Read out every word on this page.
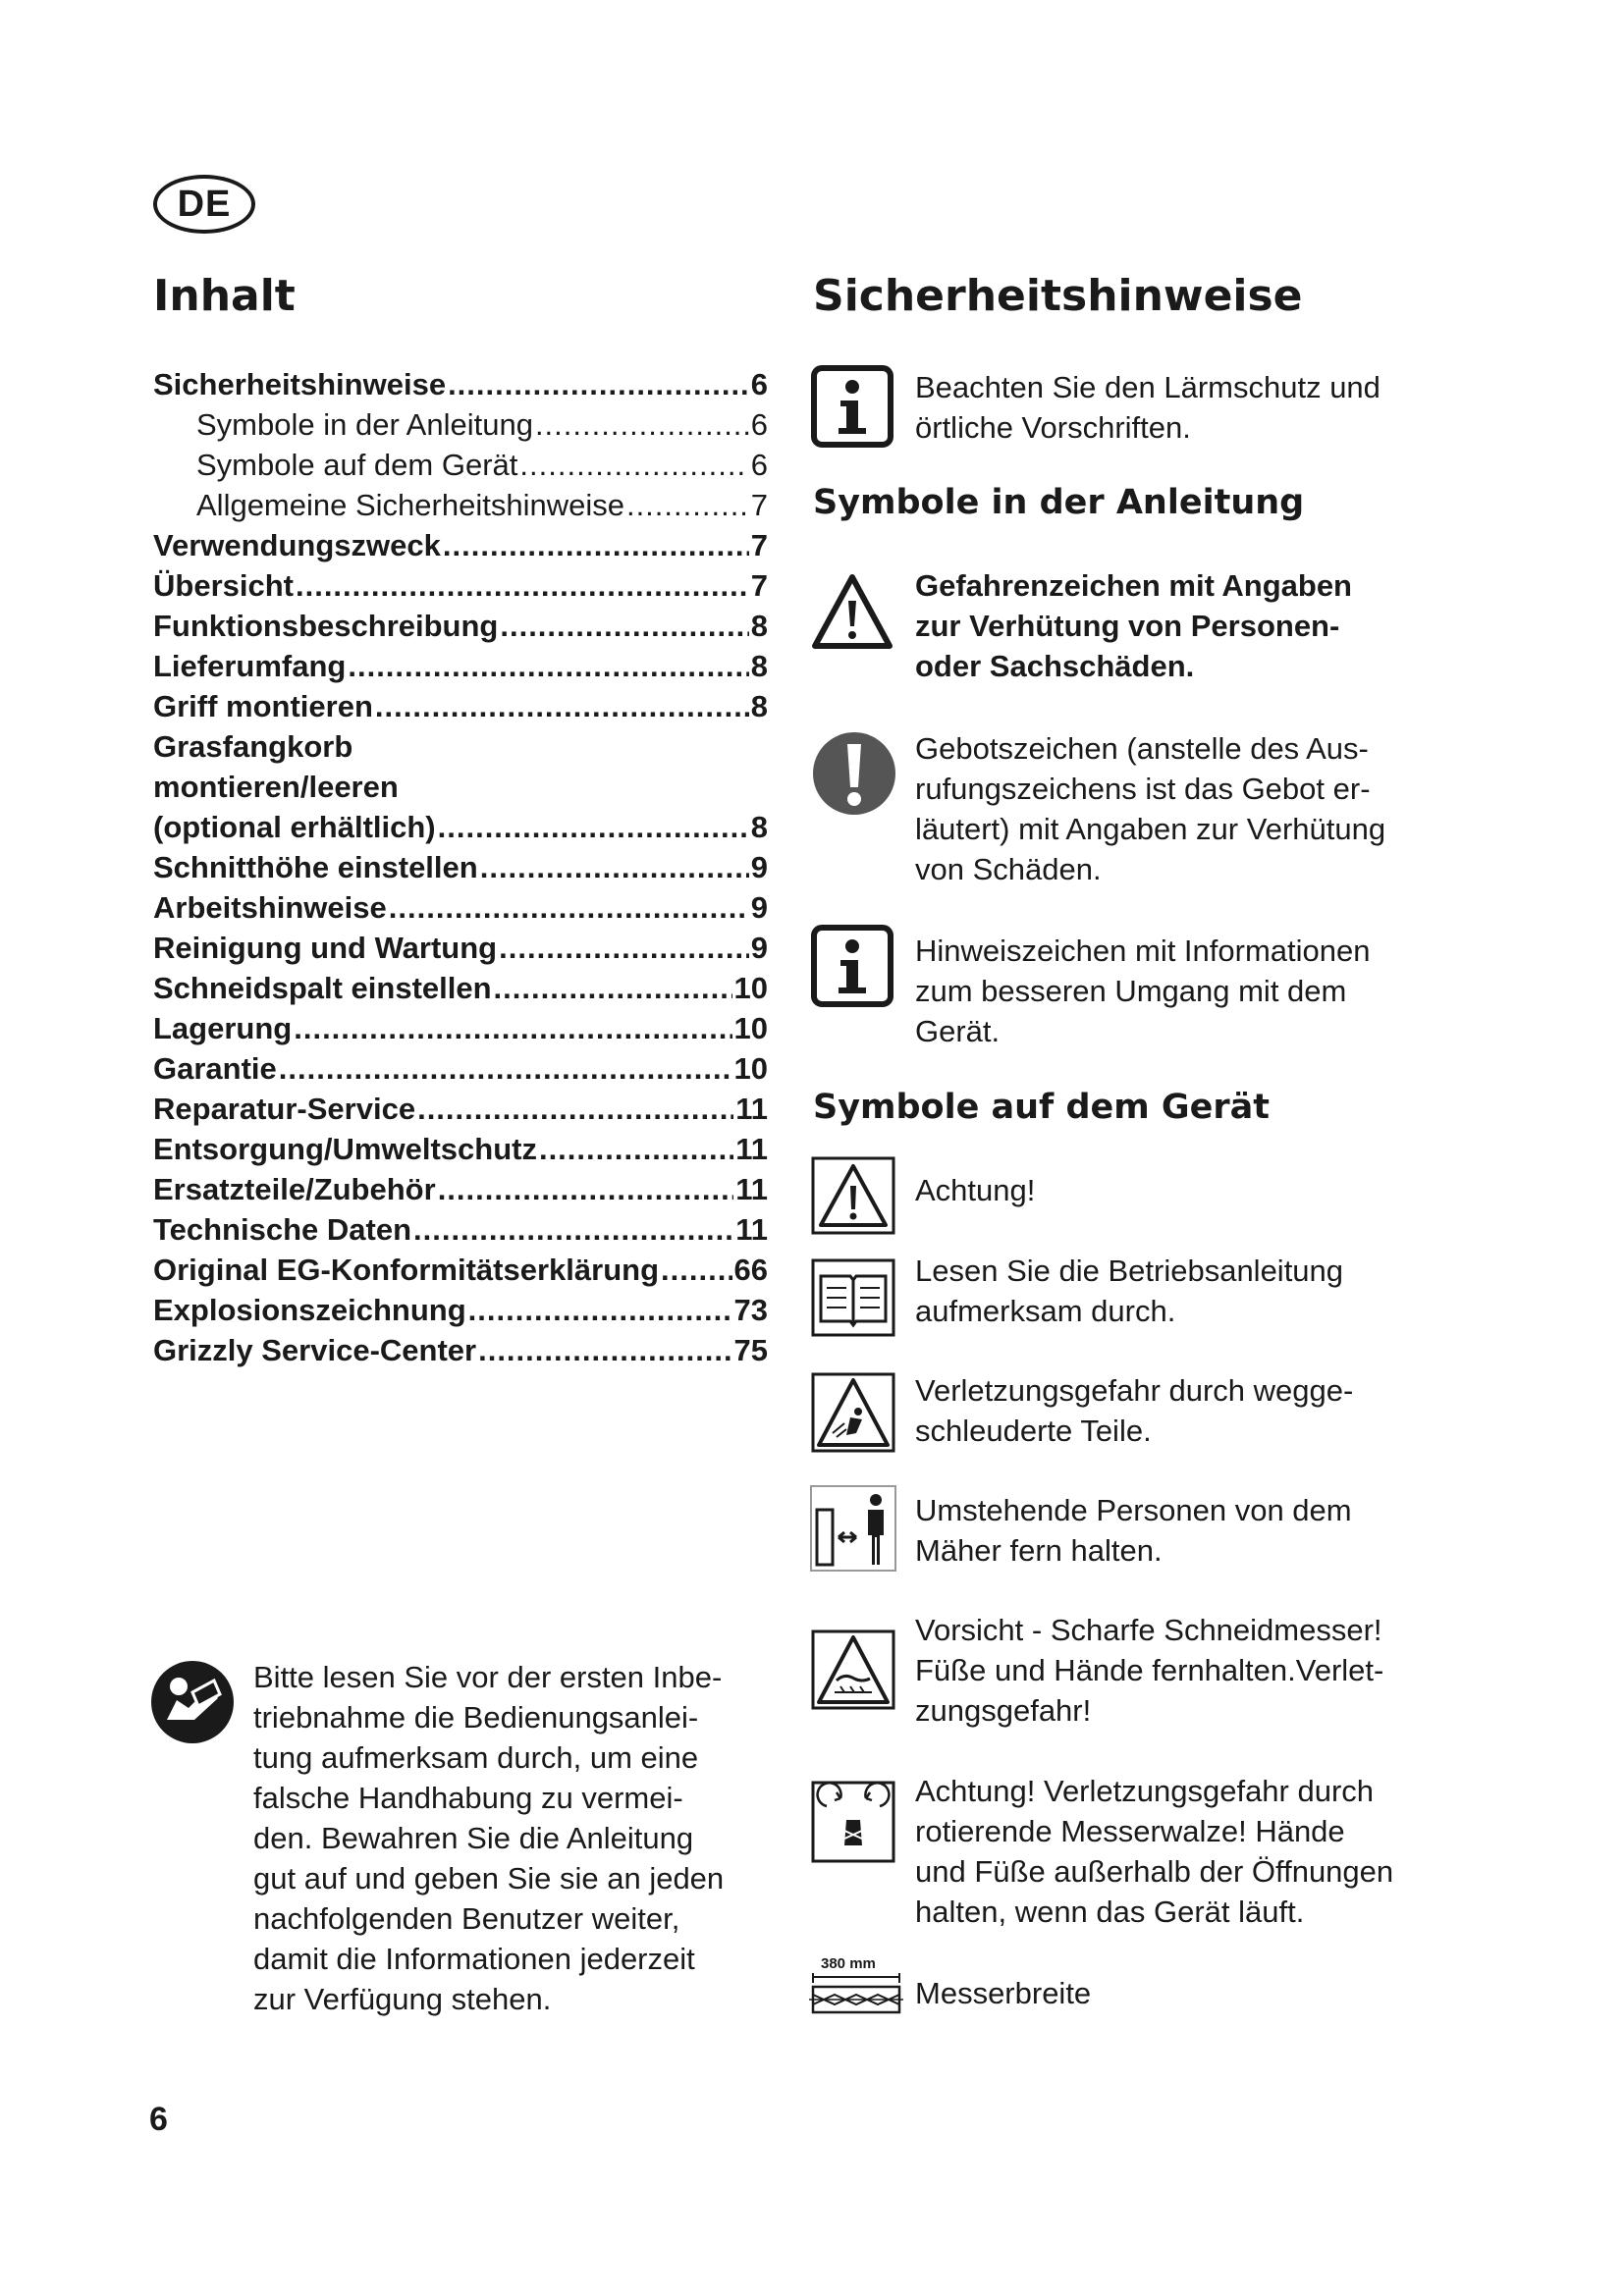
DE
Inhalt
Sicherheitshinweise .....	6
Symbole in der Anleitung .....	6
Symbole auf dem Gerät .....	6
Allgemeine Sicherheitshinweise .....	7
Verwendungszweck .....	7
Übersicht .....	7
Funktionsbeschreibung .....	8
Lieferumfang .....	8
Griff montieren .....	8
Grasfangkorb
montieren/leeren
(optional erhältlich) .....	8
Schnitthöhe einstellen .....	9
Arbeitshinweise .....	9
Reinigung und Wartung .....	9
Schneidspalt einstellen .....	10
Lagerung .....	10
Garantie .....	10
Reparatur-Service .....	11
Entsorgung/Umweltschutz .....	11
Ersatzteile/Zubehör .....	11
Technische Daten .....	11
Original EG-Konformitätserklärung ..... 66
Explosionszeichnung .....	73
Grizzly Service-Center .....	75

Bitte lesen Sie vor der ersten Inbe-
triebnahme die Bedienungsanlei-
tung aufmerksam durch, um eine
falsche Handhabung zu vermei-
den. Bewahren Sie die Anleitung
gut auf und geben Sie sie an jeden
nachfolgenden Benutzer weiter,
damit die Informationen jederzeit
zur Verfügung stehen.

6
Sicherheitshinweise

Beachten Sie den Lärmschutz und
örtliche Vorschriften.

Symbole in der Anleitung

Gefahrenzeichen mit Angaben
zur Verhütung von Personen-
oder Sachschäden.

Gebotszeichen (anstelle des Aus-
rufungszeichens ist das Gebot er-
läutert) mit Angaben zur Verhütung
von Schäden.

Hinweiszeichen mit Informationen
zum besseren Umgang mit dem
Gerät.

Symbole auf dem Gerät

Achtung!

Lesen Sie die Betriebsanleitung
aufmerksam durch.

Verletzungsgefahr durch wegge-
schleuderte Teile.

Umstehende Personen von dem
Mäher fern halten.

Vorsicht - Scharfe Schneidmesser!
Füße und Hände fernhalten.Verlet-
zungsgefahr!

Achtung! Verletzungsgefahr durch
rotierende Messerwalze! Hände
und Füße außerhalb der Öffnungen
halten, wenn das Gerät läuft.

380 mm

Messerbreite
